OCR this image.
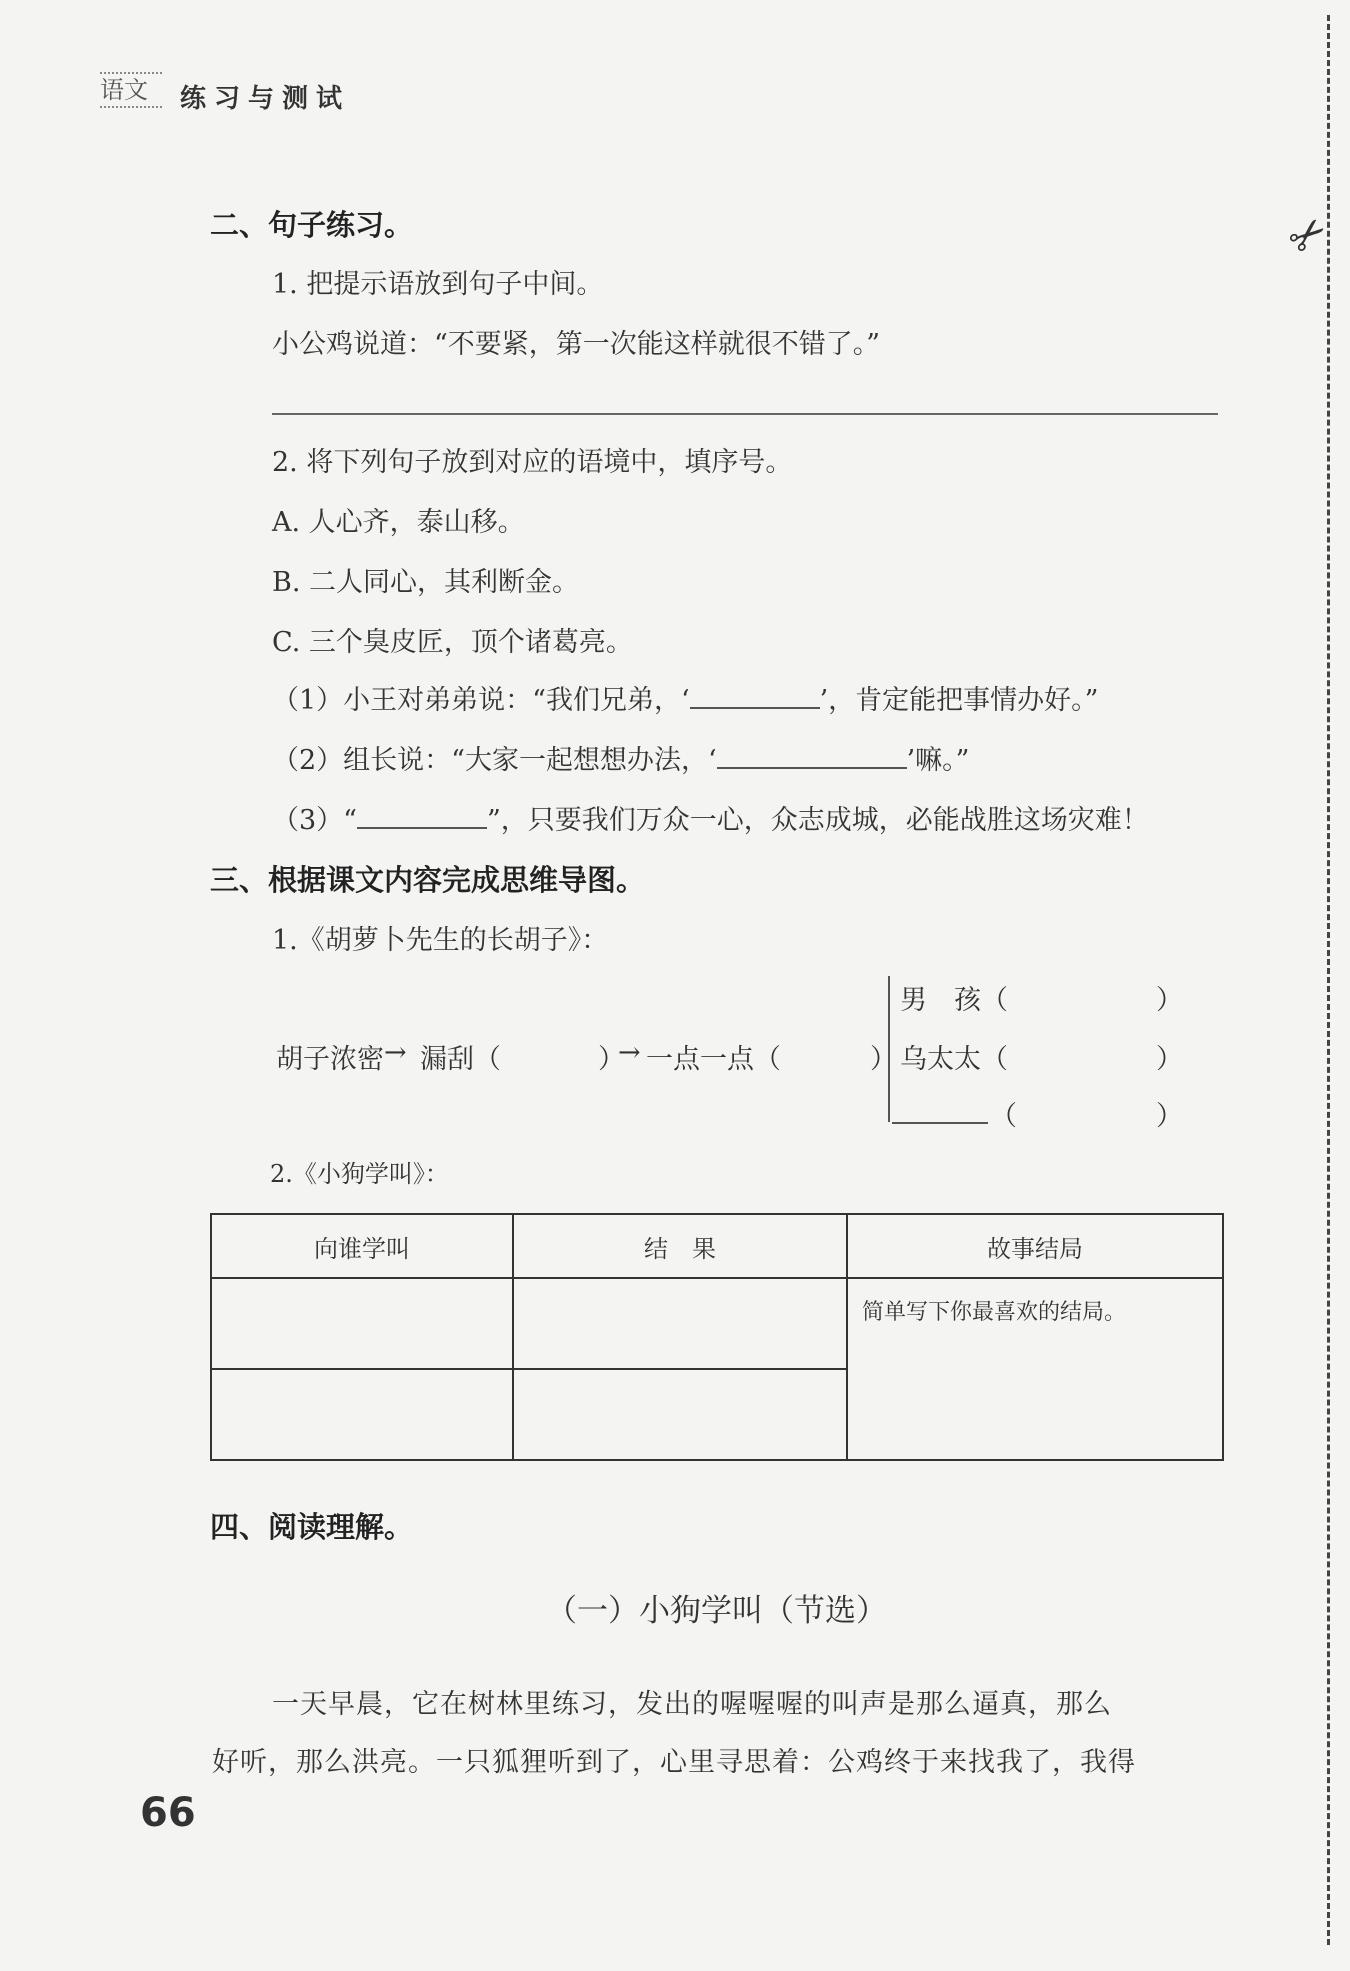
语文	练习与测试
✂
二、句子练习。
1. 把提示语放到句子中间。
小公鸡说道：“不要紧，第一次能这样就很不错了。”
2. 将下列句子放到对应的语境中，填序号。
A. 人心齐，泰山移。
B. 二人同心，其利断金。
C. 三个臭皮匠，顶个诸葛亮。
（1）小王对弟弟说：“我们兄弟，‘	’，肯定能把事情办好。”
（2）组长说：“大家一起想想办法，‘	’嘛。”
（3）“	”，只要我们万众一心，众志成城，必能战胜这场灾难！
三、根据课文内容完成思维导图。
1.《胡萝卜先生的长胡子》：
胡子浓密 → 漏刮（	）
→ 一点一点（	）
男　孩（	）
乌太太（	）
（	）
2.《小狗学叫》：
向谁学叫	结　果	故事结局
		简单写下你最喜欢的结局。

四、阅读理解。
（一）小狗学叫（节选）
一天早晨，它在树林里练习，发出的喔喔喔的叫声是那么逼真，那么
好听，那么洪亮。一只狐狸听到了，心里寻思着：公鸡终于来找我了，我得
66
